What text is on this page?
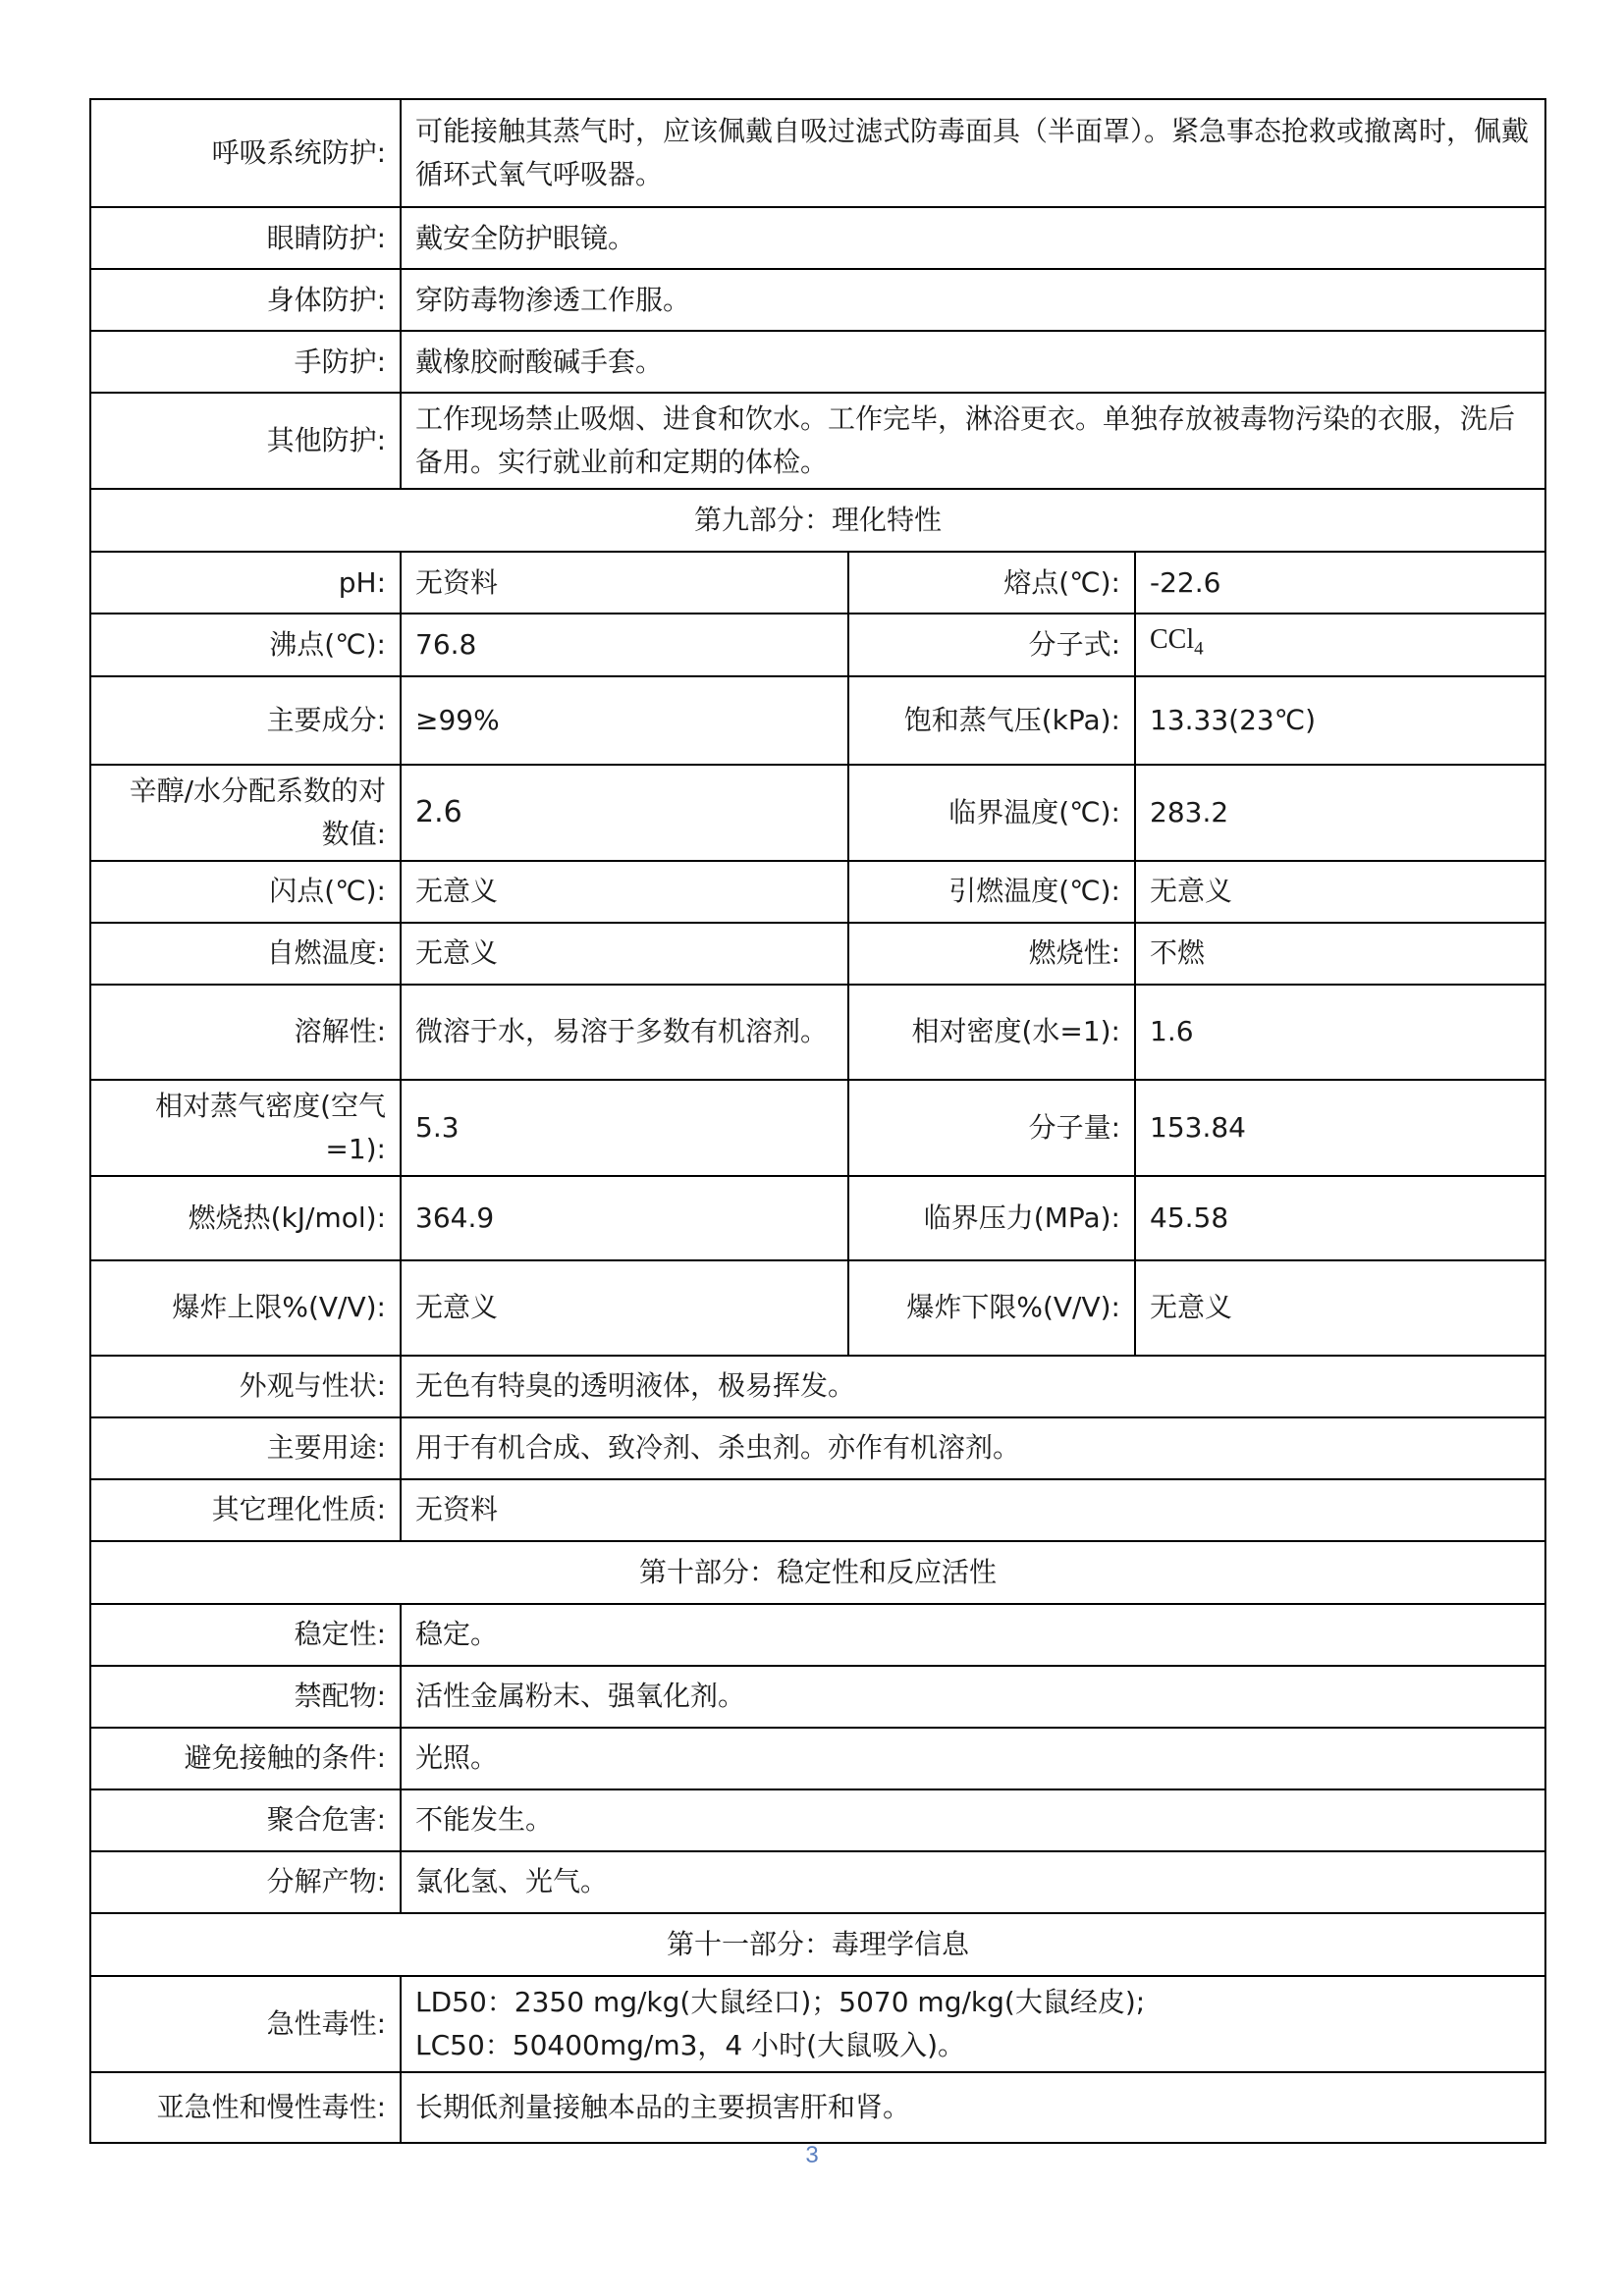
呼吸系统防护:	可能接触其蒸气时，应该佩戴自吸过滤式防毒面具（半面罩）。紧急事态抢救或撤离时，佩戴循环式氧气呼吸器。		
眼睛防护:	戴安全防护眼镜。		
身体防护:	穿防毒物渗透工作服。		
手防护:	戴橡胶耐酸碱手套。		
其他防护:	工作现场禁止吸烟、进食和饮水。工作完毕，淋浴更衣。单独存放被毒物污染的衣服，洗后备用。实行就业前和定期的体检。		
第九部分：理化特性			
pH:	无资料	熔点(℃):	-22.6
沸点(℃):	76.8	分子式:	CCl$_4$
主要成分:	≥99%	饱和蒸气压(kPa):	13.33(23℃)
辛醇/水分配系数的对数值:	2.6	临界温度(℃):	283.2
闪点(℃):	无意义	引燃温度(℃):	无意义
自燃温度:	无意义	燃烧性:	不燃
溶解性:	微溶于水，易溶于多数有机溶剂。	相对密度(水=1):	1.6
相对蒸气密度(空气=1):	5.3	分子量:	153.84
燃烧热(kJ/mol):	364.9	临界压力(MPa):	45.58
爆炸上限%(V/V):	无意义	爆炸下限%(V/V):	无意义
外观与性状:	无色有特臭的透明液体，极易挥发。		
主要用途:	用于有机合成、致冷剂、杀虫剂。亦作有机溶剂。		
其它理化性质:	无资料		
第十部分：稳定性和反应活性			
稳定性:	稳定。		
禁配物:	活性金属粉末、强氧化剂。		
避免接触的条件:	光照。		
聚合危害:	不能发生。		
分解产物:	氯化氢、光气。		
第十一部分：毒理学信息			
急性毒性:	LD50：2350 mg/kg(大鼠经口)；5070 mg/kg(大鼠经皮);
LC50：50400mg/m3，4 小时(大鼠吸入)。		

亚急性和慢性毒性:	长期低剂量接触本品的主要损害肝和肾。		
3
